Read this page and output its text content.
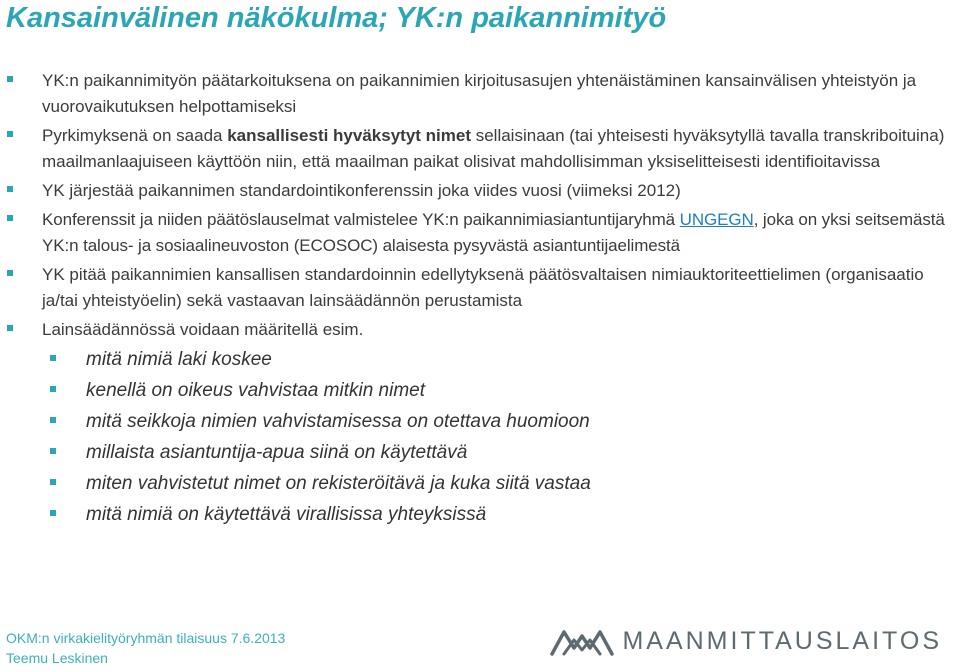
Kansainvälinen näkökulma; YK:n paikannimityö
YK:n paikannimityön päätarkoituksena on paikannimien kirjoitusasujen yhtenäistäminen kansainvälisen yhteistyön ja vuorovaikutuksen helpottamiseksi
Pyrkimyksenä on saada kansallisesti hyväksytyt nimet sellaisinaan (tai yhteisesti hyväksytyllä tavalla transkriboituina) maailmanlaajuiseen käyttöön niin, että maailman paikat olisivat mahdollisimman yksiselitteisesti identifioitavissa
YK järjestää paikannimen standardointikonferenssin joka viides vuosi (viimeksi 2012)
Konferenssit ja niiden päätöslauselmat valmistelee YK:n paikannimiasiantuntijaryhmä UNGEGN, joka on yksi seitsemästä YK:n talous- ja sosiaalineuvoston (ECOSOC) alaisesta pysyvästä asiantuntijaelimestä
YK pitää paikannimien kansallisen standardoinnin edellytyksenä päätösvaltaisen nimiauktoriteettielimen (organisaatio ja/tai yhteistyöelin) sekä vastaavan lainsäädännön perustamista
Lainsäädännössä voidaan määritellä esim.
mitä nimiä laki koskee
kenellä on oikeus vahvistaa mitkin nimet
mitä seikkoja nimien vahvistamisessa on otettava huomioon
millaista asiantuntija-apua siinä on käytettävä
miten vahvistetut nimet on rekisteröitävä ja kuka siitä vastaa
mitä nimiä on käytettävä virallisissa yhteyksissä
OKM:n virkakielityöryhmän tilaisuus 7.6.2013
Teemu Leskinen
MAANMITTAUSLAITOS
